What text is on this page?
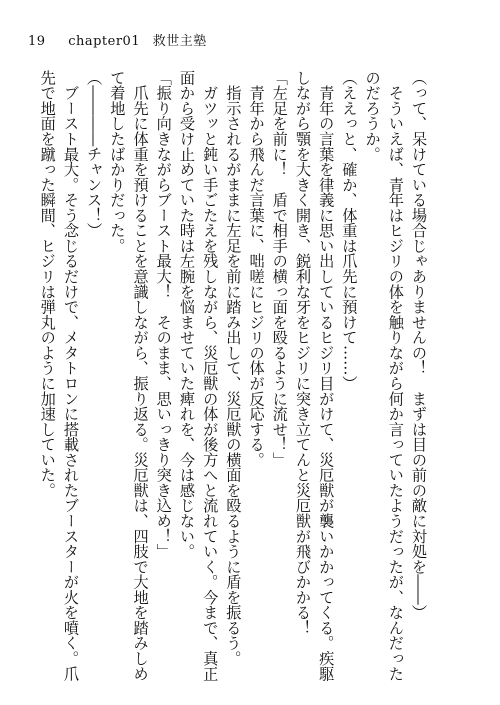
19 chapter01 救世主塾
（って、呆けている場合じゃありませんの！　まずは目の前の敵に対処を――）
　そういえば、青年はヒジリの体を触りながら何か言っていたようだったが、なんだった
のだろうか。
（ええっと、確か、体重は爪先に預けて……）
　青年の言葉を律義に思い出しているヒジリ目がけて、災厄獣が襲いかかってくる。疾駆
しながら顎を大きく開き、鋭利な牙をヒジリに突き立てんと災厄獣が飛びかかる！
「左足を前に！　盾で相手の横っ面を殴るように流せ！」
　青年から飛んだ言葉に、咄嗟にヒジリの体が反応する。
　指示されるがままに左足を前に踏み出して、災厄獣の横面を殴るように盾を振るう。
　ガツッと鈍い手ごたえを残しながら、災厄獣の体が後方へと流れていく。今まで、真正
面から受け止めていた時は左腕を悩ませていた痺れを、今は感じない。
「振り向きながらブースト最大！　そのまま、思いっきり突き込め！」
　爪先に体重を預けることを意識しながら、振り返る。災厄獣は、四肢で大地を踏みしめ
て着地したばかりだった。
（――――チャンス！）
　ブースト最大。そう念じるだけで、メタトロンに搭載されたブースターが火を噴く。爪
先で地面を蹴った瞬間、ヒジリは弾丸のように加速していた。
